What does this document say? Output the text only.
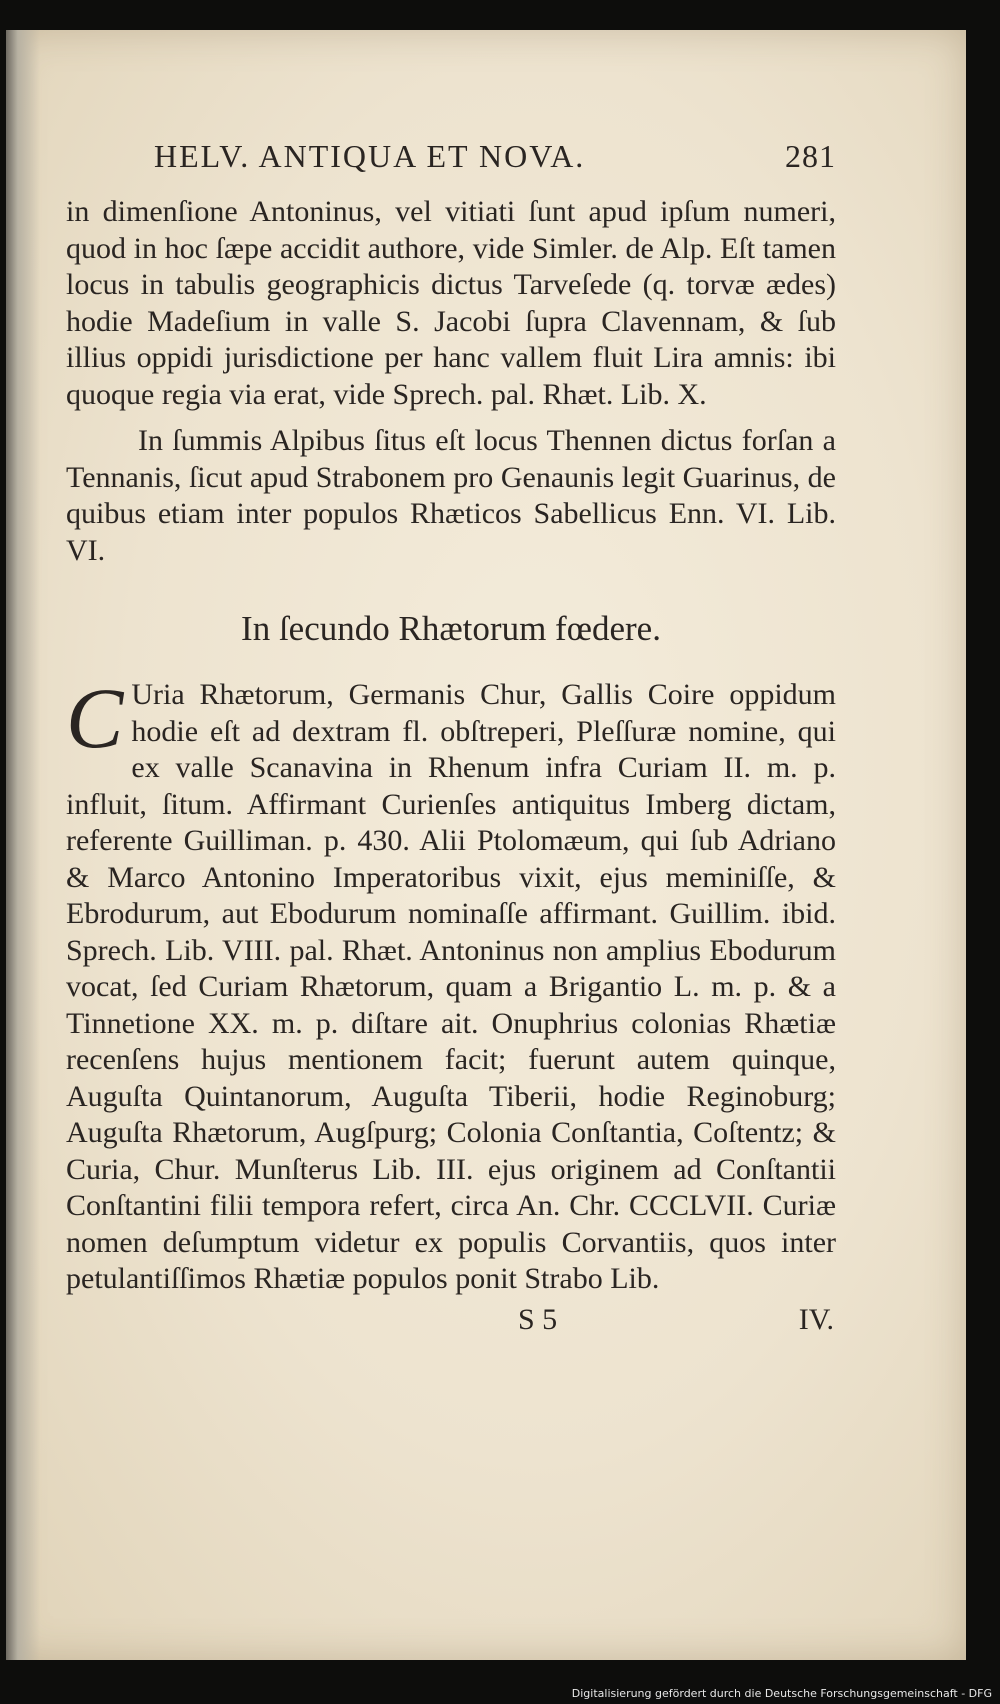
HELV. ANTIQUA ET NOVA.	281

in dimenſione Antoninus, vel vitiati ſunt apud ipſum numeri, quod in hoc ſæpe accidit authore, vide Simler. de Alp. Eſt tamen locus in tabulis geographicis dictus Tarveſede (q. torvæ ædes) hodie Madeſium in valle S. Jacobi ſupra Clavennam, & ſub illius oppidi jurisdictione per hanc vallem fluit Lira amnis: ibi quoque regia via erat, vide Sprech. pal. Rhæt. Lib. X.

In ſummis Alpibus ſitus eſt locus Thennen dictus forſan a Tennanis, ſicut apud Strabonem pro Genaunis legit Guarinus, de quibus etiam inter populos Rhæticos Sabellicus Enn. VI. Lib. VI.

In ſecundo Rhætorum fœdere.

C Uria Rhætorum, Germanis Chur, Gallis Coire oppidum hodie eſt ad dextram fl. obſtreperi, Pleſſuræ nomine, qui ex valle Scanavina in Rhenum infra Curiam II. m. p. influit, ſitum. Affirmant Curienſes antiquitus Imberg dictam, referente Guilliman. p. 430. Alii Ptolomæum, qui ſub Adriano & Marco Antonino Imperatoribus vixit, ejus meminiſſe, & Ebrodurum, aut Ebodurum nominaſſe affirmant. Guillim. ibid. Sprech. Lib. VIII. pal. Rhæt. Antoninus non amplius Ebodurum vocat, ſed Curiam Rhætorum, quam a Brigantio L. m. p. & a Tinnetione XX. m. p. diſtare ait. Onuphrius colonias Rhætiæ recenſens hujus mentionem facit; fuerunt autem quinque, Auguſta Quintanorum, Auguſta Tiberii, hodie Reginoburg; Auguſta Rhætorum, Augſpurg; Colonia Conſtantia, Coſtentz; & Curia, Chur. Munſterus Lib. III. ejus originem ad Conſtantii Conſtantini filii tempora refert, circa An. Chr. CCCLVII. Curiæ nomen deſumptum videtur ex populis Corvantiis, quos inter petulantiſſimos Rhætiæ populos ponit Strabo Lib.

S 5	IV.
Digitalisierung gefördert durch die Deutsche Forschungsgemeinschaft - DFG
